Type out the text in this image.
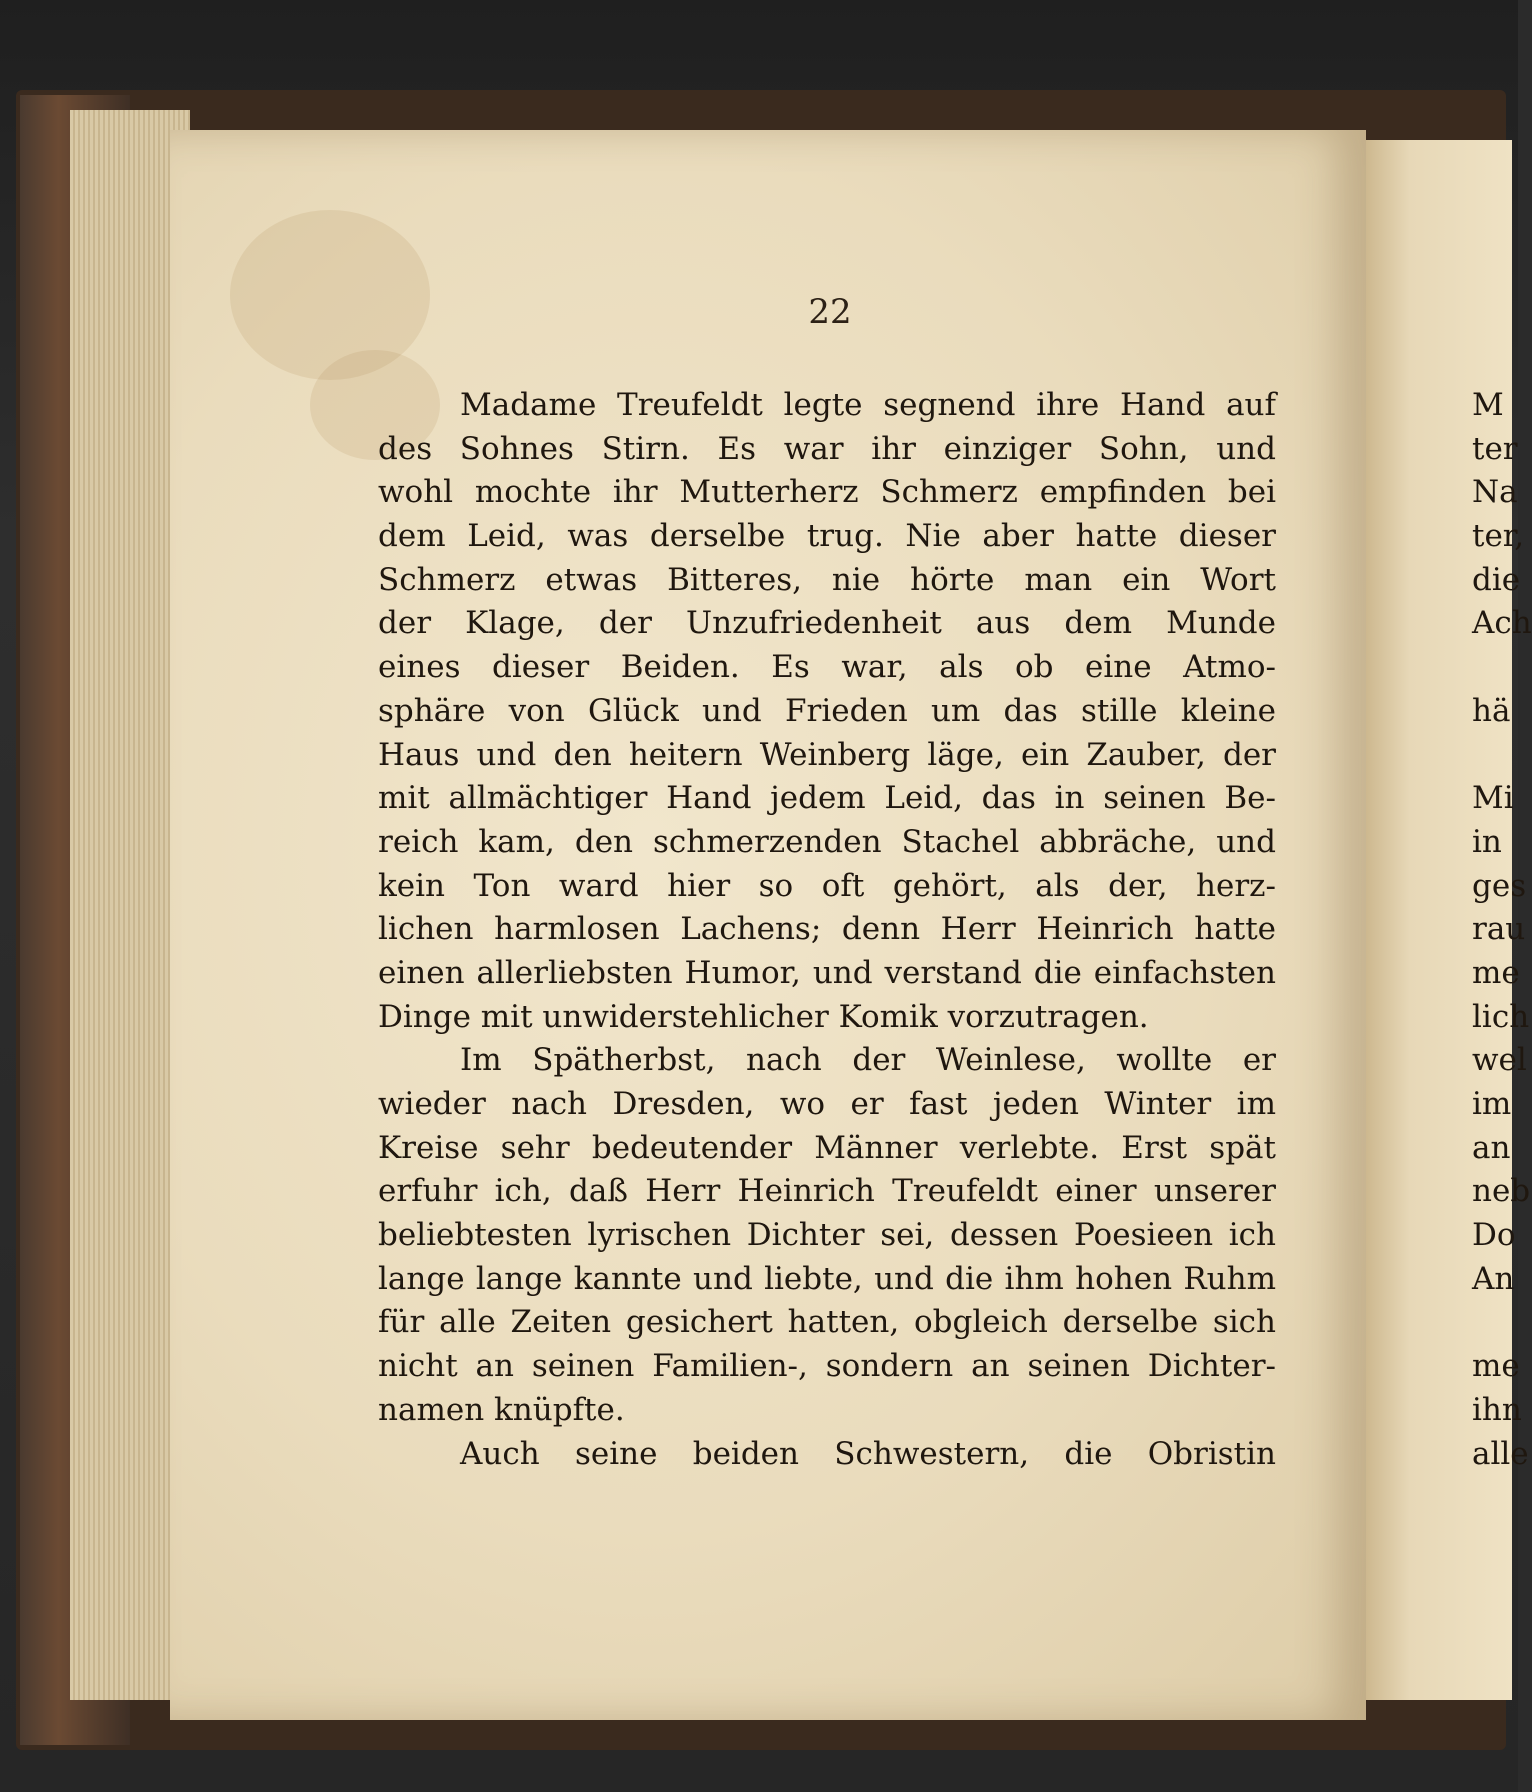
22
Madame Treufeldt legte segnend ihre Hand auf
des Sohnes Stirn. Es war ihr einziger Sohn, und
wohl mochte ihr Mutterherz Schmerz empfinden bei
dem Leid, was derselbe trug. Nie aber hatte dieser
Schmerz etwas Bitteres, nie hörte man ein Wort
der Klage, der Unzufriedenheit aus dem Munde
eines dieser Beiden. Es war, als ob eine Atmo-
sphäre von Glück und Frieden um das stille kleine
Haus und den heitern Weinberg läge, ein Zauber, der
mit allmächtiger Hand jedem Leid, das in seinen Be-
reich kam, den schmerzenden Stachel abbräche, und
kein Ton ward hier so oft gehört, als der, herz-
lichen harmlosen Lachens; denn Herr Heinrich hatte
einen allerliebsten Humor, und verstand die einfachsten
Dinge mit unwiderstehlicher Komik vorzutragen.
Im Spätherbst, nach der Weinlese, wollte er
wieder nach Dresden, wo er fast jeden Winter im
Kreise sehr bedeutender Männer verlebte. Erst spät
erfuhr ich, daß Herr Heinrich Treufeldt einer unserer
beliebtesten lyrischen Dichter sei, dessen Poesieen ich
lange lange kannte und liebte, und die ihm hohen Ruhm
für alle Zeiten gesichert hatten, obgleich derselbe sich
nicht an seinen Familien-, sondern an seinen Dichter-
namen knüpfte.
Auch seine beiden Schwestern, die Obristin
M
ter
Na
ter,
die
Ach
hä
Mi
in
ges
rau
me
lich
wel
im
an
neb
Do
An
me
ihn
alle
